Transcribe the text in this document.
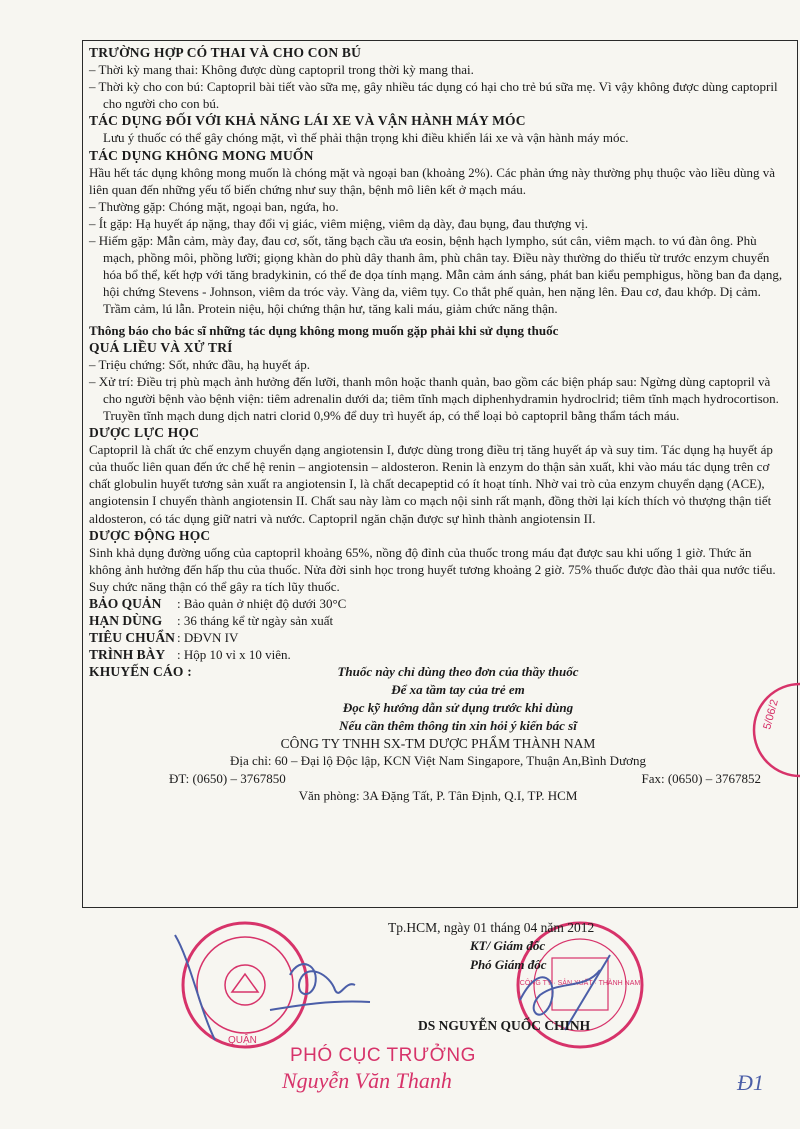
TRƯỜNG HỢP CÓ THAI VÀ CHO CON BÚ

– Thời kỳ mang thai: Không được dùng captopril trong thời kỳ mang thai.

– Thời kỳ cho con bú: Captopril bài tiết vào sữa mẹ, gây nhiều tác dụng có hại cho trẻ bú sữa mẹ. Vì vậy không được dùng captopril cho người cho con bú.

TÁC DỤNG ĐỐI VỚI KHẢ NĂNG LÁI XE VÀ VẬN HÀNH MÁY MÓC

Lưu ý thuốc có thể gây chóng mặt, vì thế phải thận trọng khi điều khiển lái xe và vận hành máy móc.

TÁC DỤNG KHÔNG MONG MUỐN

Hầu hết tác dụng không mong muốn là chóng mặt và ngoại ban (khoảng 2%). Các phản ứng này thường phụ thuộc vào liều dùng và liên quan đến những yếu tố biến chứng như suy thận, bệnh mô liên kết ở mạch máu.

– Thường gặp: Chóng mặt, ngoại ban, ngứa, ho.

– Ít gặp: Hạ huyết áp nặng, thay đổi vị giác, viêm miệng, viêm dạ dày, đau bụng, đau thượng vị.

– Hiếm gặp: Mẫn cảm, mày đay, đau cơ, sốt, tăng bạch cầu ưa eosin, bệnh hạch lympho, sút cân, viêm mạch. to vú đàn ông. Phù mạch, phồng môi, phồng lưỡi; giọng khàn do phù dây thanh âm, phù chân tay. Điều này thường do thiếu từ trước enzym chuyển hóa bổ thể, kết hợp với tăng bradykinin, có thể đe dọa tính mạng. Mẫn cảm ánh sáng, phát ban kiểu pemphigus, hồng ban đa dạng, hội chứng Stevens - Johnson, viêm da tróc vảy. Vàng da, viêm tụy. Co thắt phế quản, hen nặng lên. Đau cơ, đau khớp. Dị cảm. Trầm cảm, lú lẫn. Protein niệu, hội chứng thận hư, tăng kali máu, giảm chức năng thận.

Thông báo cho bác sĩ những tác dụng không mong muốn gặp phải khi sử dụng thuốc

QUÁ LIỀU VÀ XỬ TRÍ

– Triệu chứng: Sốt, nhức đầu, hạ huyết áp.

– Xử trí: Điều trị phù mạch ảnh hưởng đến lưỡi, thanh môn hoặc thanh quản, bao gồm các biện pháp sau: Ngừng dùng captopril và cho người bệnh vào bệnh viện: tiêm adrenalin dưới da; tiêm tĩnh mạch diphenhydramin hydroclrid; tiêm tĩnh mạch hydrocortison. Truyền tĩnh mạch dung dịch natri clorid 0,9% để duy trì huyết áp, có thể loại bỏ captopril bằng thẩm tách máu.

DƯỢC LỰC HỌC

Captopril là chất ức chế enzym chuyển dạng angiotensin I, được dùng trong điều trị tăng huyết áp và suy tim. Tác dụng hạ huyết áp của thuốc liên quan đến ức chế hệ renin – angiotensin – aldosteron. Renin là enzym do thận sản xuất, khi vào máu tác dụng trên cơ chất globulin huyết tương sản xuất ra angiotensin I, là chất decapeptid có ít hoạt tính. Nhờ vai trò của enzym chuyển dạng (ACE), angiotensin I chuyển thành angiotensin II. Chất sau này làm co mạch nội sinh rất mạnh, đồng thời lại kích thích vỏ thượng thận tiết aldosteron, có tác dụng giữ natri và nước. Captopril ngăn chặn được sự hình thành angiotensin II.

DƯỢC ĐỘNG HỌC

Sinh khả dụng đường uống của captopril khoảng 65%, nồng độ đỉnh của thuốc trong máu đạt được sau khi uống 1 giờ. Thức ăn không ảnh hưởng đến hấp thu của thuốc. Nửa đời sinh học trong huyết tương khoảng 2 giờ. 75% thuốc được đào thải qua nước tiểu. Suy chức năng thận có thể gây ra tích lũy thuốc.

BẢO QUẢN	: Bảo quản ở nhiệt độ dưới 30°C
HẠN DÙNG	: 36 tháng kể từ ngày sản xuất
TIÊU CHUẨN : DĐVN IV
TRÌNH BÀY : Hộp 10 vỉ x 10 viên.
KHUYẾN CÁO :	Thuốc này chỉ dùng theo đơn của thầy thuốc
Để xa tầm tay của trẻ em
Đọc kỹ hướng dẫn sử dụng trước khi dùng
Nếu cần thêm thông tin xin hỏi ý kiến bác sĩ
CÔNG TY TNHH SX-TM DƯỢC PHẨM THÀNH NAM
Địa chỉ: 60 – Đại lộ Độc lập, KCN Việt Nam Singapore, Thuận An,Bình Dương
ĐT: (0650) – 3767850	Fax: (0650) – 3767852
Văn phòng: 3A Đặng Tất, P. Tân Định, Q.I, TP. HCM
QUẬN
CÔNG TY · SẢN XUẤT · THÀNH NAM
5/06/2
Tp.HCM, ngày 01 tháng 04 năm 2012
KT/ Giám đốc
Phó Giám đốc
DS NGUYỄN QUỐC CHINH
PHÓ CỤC TRƯỞNG
Nguyễn Văn Thanh	Đ1
